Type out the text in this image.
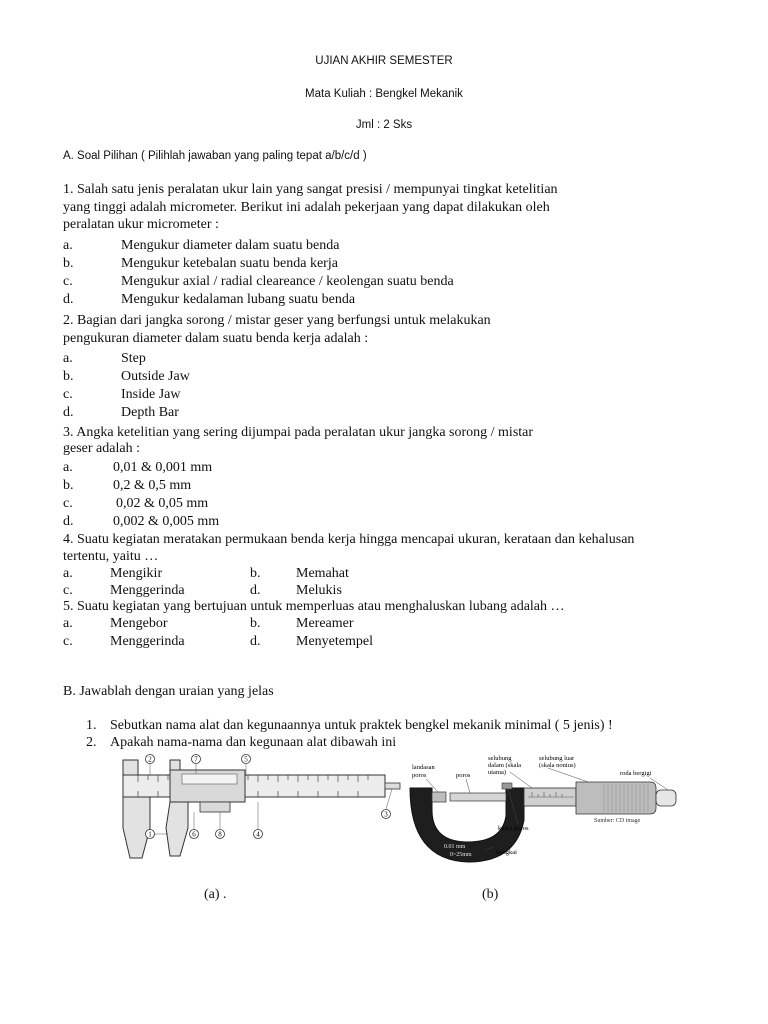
UJIAN AKHIR SEMESTER
Mata Kuliah : Bengkel Mekanik
Jml : 2 Sks
A. Soal Pilihan ( Pilihlah jawaban yang paling tepat a/b/c/d )
1. Salah satu jenis peralatan ukur lain yang sangat presisi / mempunyai tingkat ketelitian
yang tinggi adalah micrometer. Berikut ini adalah pekerjaan yang dapat dilakukan oleh
peralatan ukur micrometer :
a.	Mengukur diameter dalam suatu benda
b.	Mengukur ketebalan suatu benda kerja
c.	Mengukur axial / radial cleareance / keolengan suatu benda
d.	Mengukur kedalaman lubang suatu benda
2. Bagian dari jangka sorong / mistar geser yang berfungsi untuk melakukan
pengukuran diameter dalam suatu benda kerja adalah :
a.	Step
b.	Outside Jaw
c.	Inside Jaw
d.	Depth Bar
3. Angka ketelitian yang sering dijumpai pada peralatan ukur jangka sorong / mistar
geser adalah :
a.	0,01 & 0,001 mm
b.	0,2 & 0,5 mm
c.	0,02 & 0,05 mm
d.	0,002 & 0,005 mm
4. Suatu kegiatan meratakan permukaan benda kerja hingga mencapai ukuran, kerataan dan kehalusan
tertentu, yaitu …
a.	Mengikir	b.	Memahat
c.	Menggerinda	d.	Melukis
5. Suatu kegiatan yang bertujuan untuk memperluas atau menghaluskan lubang adalah …
a.	Mengebor	b.	Mereamer
c.	Menggerinda	d.	Menyetempel
B. Jawablah dengan uraian yang jelas
1. Sebutkan nama alat dan kegunaannya untuk praktek bengkel mekanik minimal ( 5 jenis) !
2. Apakah nama-nama dan kegunaan alat dibawah ini
2	7	5
3
1	6	8	4
0.01 mm
0~25mm
landasan
poros	poros
selubung
dalam (skala
utama)
selubung luar
(skala nonius)
roda bergigi
kunci poros
bungkai
Sumber: CD image
(a) .	(b)
